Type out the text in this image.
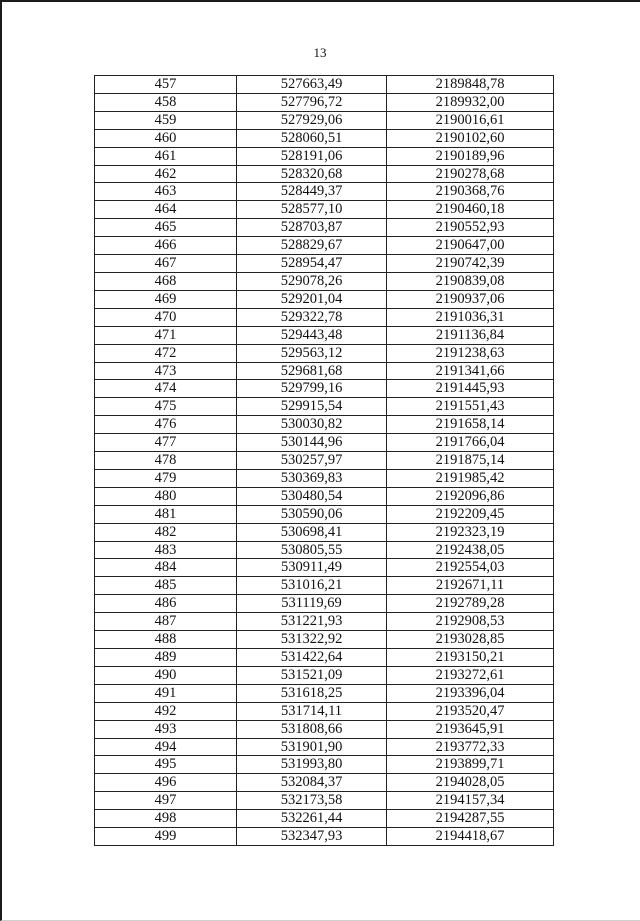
13
457	527663,49	2189848,78
458	527796,72	2189932,00
459	527929,06	2190016,61
460	528060,51	2190102,60
461	528191,06	2190189,96
462	528320,68	2190278,68
463	528449,37	2190368,76
464	528577,10	2190460,18
465	528703,87	2190552,93
466	528829,67	2190647,00
467	528954,47	2190742,39
468	529078,26	2190839,08
469	529201,04	2190937,06
470	529322,78	2191036,31
471	529443,48	2191136,84
472	529563,12	2191238,63
473	529681,68	2191341,66
474	529799,16	2191445,93
475	529915,54	2191551,43
476	530030,82	2191658,14
477	530144,96	2191766,04
478	530257,97	2191875,14
479	530369,83	2191985,42
480	530480,54	2192096,86
481	530590,06	2192209,45
482	530698,41	2192323,19
483	530805,55	2192438,05
484	530911,49	2192554,03
485	531016,21	2192671,11
486	531119,69	2192789,28
487	531221,93	2192908,53
488	531322,92	2193028,85
489	531422,64	2193150,21
490	531521,09	2193272,61
491	531618,25	2193396,04
492	531714,11	2193520,47
493	531808,66	2193645,91
494	531901,90	2193772,33
495	531993,80	2193899,71
496	532084,37	2194028,05
497	532173,58	2194157,34
498	532261,44	2194287,55
499	532347,93	2194418,67
